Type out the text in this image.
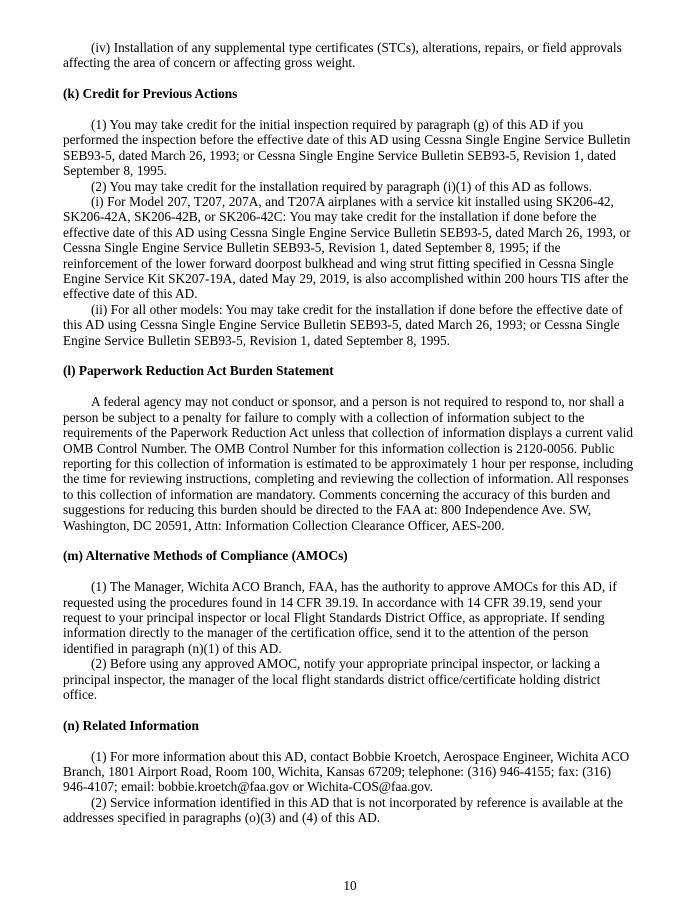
(iv) Installation of any supplemental type certificates (STCs), alterations, repairs, or field approvals affecting the area of concern or affecting gross weight.

(k) Credit for Previous Actions

(1) You may take credit for the initial inspection required by paragraph (g) of this AD if you performed the inspection before the effective date of this AD using Cessna Single Engine Service Bulletin SEB93-5, dated March 26, 1993; or Cessna Single Engine Service Bulletin SEB93-5, Revision 1, dated September 8, 1995.

(2) You may take credit for the installation required by paragraph (i)(1) of this AD as follows.

(i) For Model 207, T207, 207A, and T207A airplanes with a service kit installed using SK206-42, SK206-42A, SK206-42B, or SK206-42C: You may take credit for the installation if done before the effective date of this AD using Cessna Single Engine Service Bulletin SEB93-5, dated March 26, 1993, or Cessna Single Engine Service Bulletin SEB93-5, Revision 1, dated September 8, 1995; if the reinforcement of the lower forward doorpost bulkhead and wing strut fitting specified in Cessna Single Engine Service Kit SK207-19A, dated May 29, 2019, is also accomplished within 200 hours TIS after the effective date of this AD.

(ii) For all other models: You may take credit for the installation if done before the effective date of this AD using Cessna Single Engine Service Bulletin SEB93-5, dated March 26, 1993; or Cessna Single Engine Service Bulletin SEB93-5, Revision 1, dated September 8, 1995.

(l) Paperwork Reduction Act Burden Statement

A federal agency may not conduct or sponsor, and a person is not required to respond to, nor shall a person be subject to a penalty for failure to comply with a collection of information subject to the requirements of the Paperwork Reduction Act unless that collection of information displays a current valid OMB Control Number. The OMB Control Number for this information collection is 2120-0056. Public reporting for this collection of information is estimated to be approximately 1 hour per response, including the time for reviewing instructions, completing and reviewing the collection of information. All responses to this collection of information are mandatory. Comments concerning the accuracy of this burden and suggestions for reducing this burden should be directed to the FAA at: 800 Independence Ave. SW, Washington, DC 20591, Attn: Information Collection Clearance Officer, AES-200.

(m) Alternative Methods of Compliance (AMOCs)

(1) The Manager, Wichita ACO Branch, FAA, has the authority to approve AMOCs for this AD, if requested using the procedures found in 14 CFR 39.19. In accordance with 14 CFR 39.19, send your request to your principal inspector or local Flight Standards District Office, as appropriate. If sending information directly to the manager of the certification office, send it to the attention of the person identified in paragraph (n)(1) of this AD.

(2) Before using any approved AMOC, notify your appropriate principal inspector, or lacking a principal inspector, the manager of the local flight standards district office/certificate holding district office.

(n) Related Information

(1) For more information about this AD, contact Bobbie Kroetch, Aerospace Engineer, Wichita ACO Branch, 1801 Airport Road, Room 100, Wichita, Kansas 67209; telephone: (316) 946-4155; fax: (316) 946-4107; email: bobbie.kroetch@faa.gov or Wichita-COS@faa.gov.

(2) Service information identified in this AD that is not incorporated by reference is available at the addresses specified in paragraphs (o)(3) and (4) of this AD.

10
